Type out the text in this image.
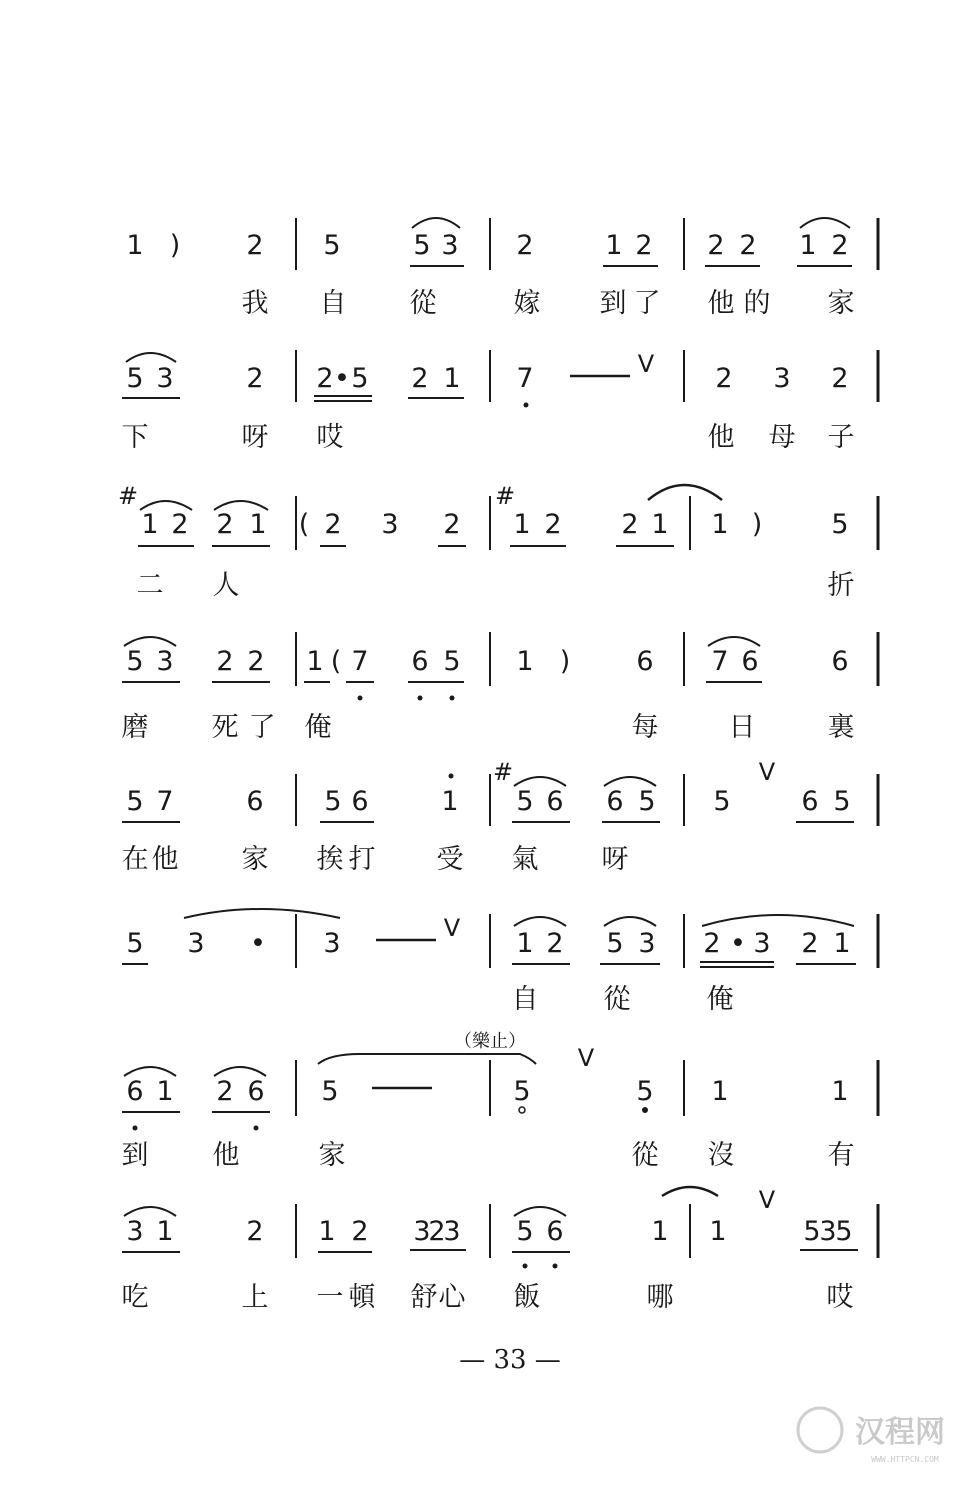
1 ) 2 5	5 3 2	1 2 2 2 1 2
我 自 從	嫁 到 了 他 的 家
5 3	2 2 • 5 2 1 7	2 3 2
V
下	呀 哎	他 母 子
#	#
1 2 2 1 ( 2 3 2 1 2 2 1 1 )	5
二 人	折
5 3 2 2 1 ( 7 6 5 1 ) 6 7 6	6
磨 死 了 俺	每	日	裏
#
5 7	6 5 6	1 5 6 6 5 5	6 5
V
在 他 家 挨 打 受 氣 呀
5 3 • 3	1 2 5 3 2 • 3 2 1
V
自 從	俺
（樂止）
6 1 2 6 5	5	5 1	1
V
到 他	家	從 沒	有
3 1	2 1 2 3
2
3 5 6	1 1	5
3
5
V
吃	上 一 頓 舒 心 飯	哪	哎
— 33 —
汉程网
WWW.HTTPCN.COM
